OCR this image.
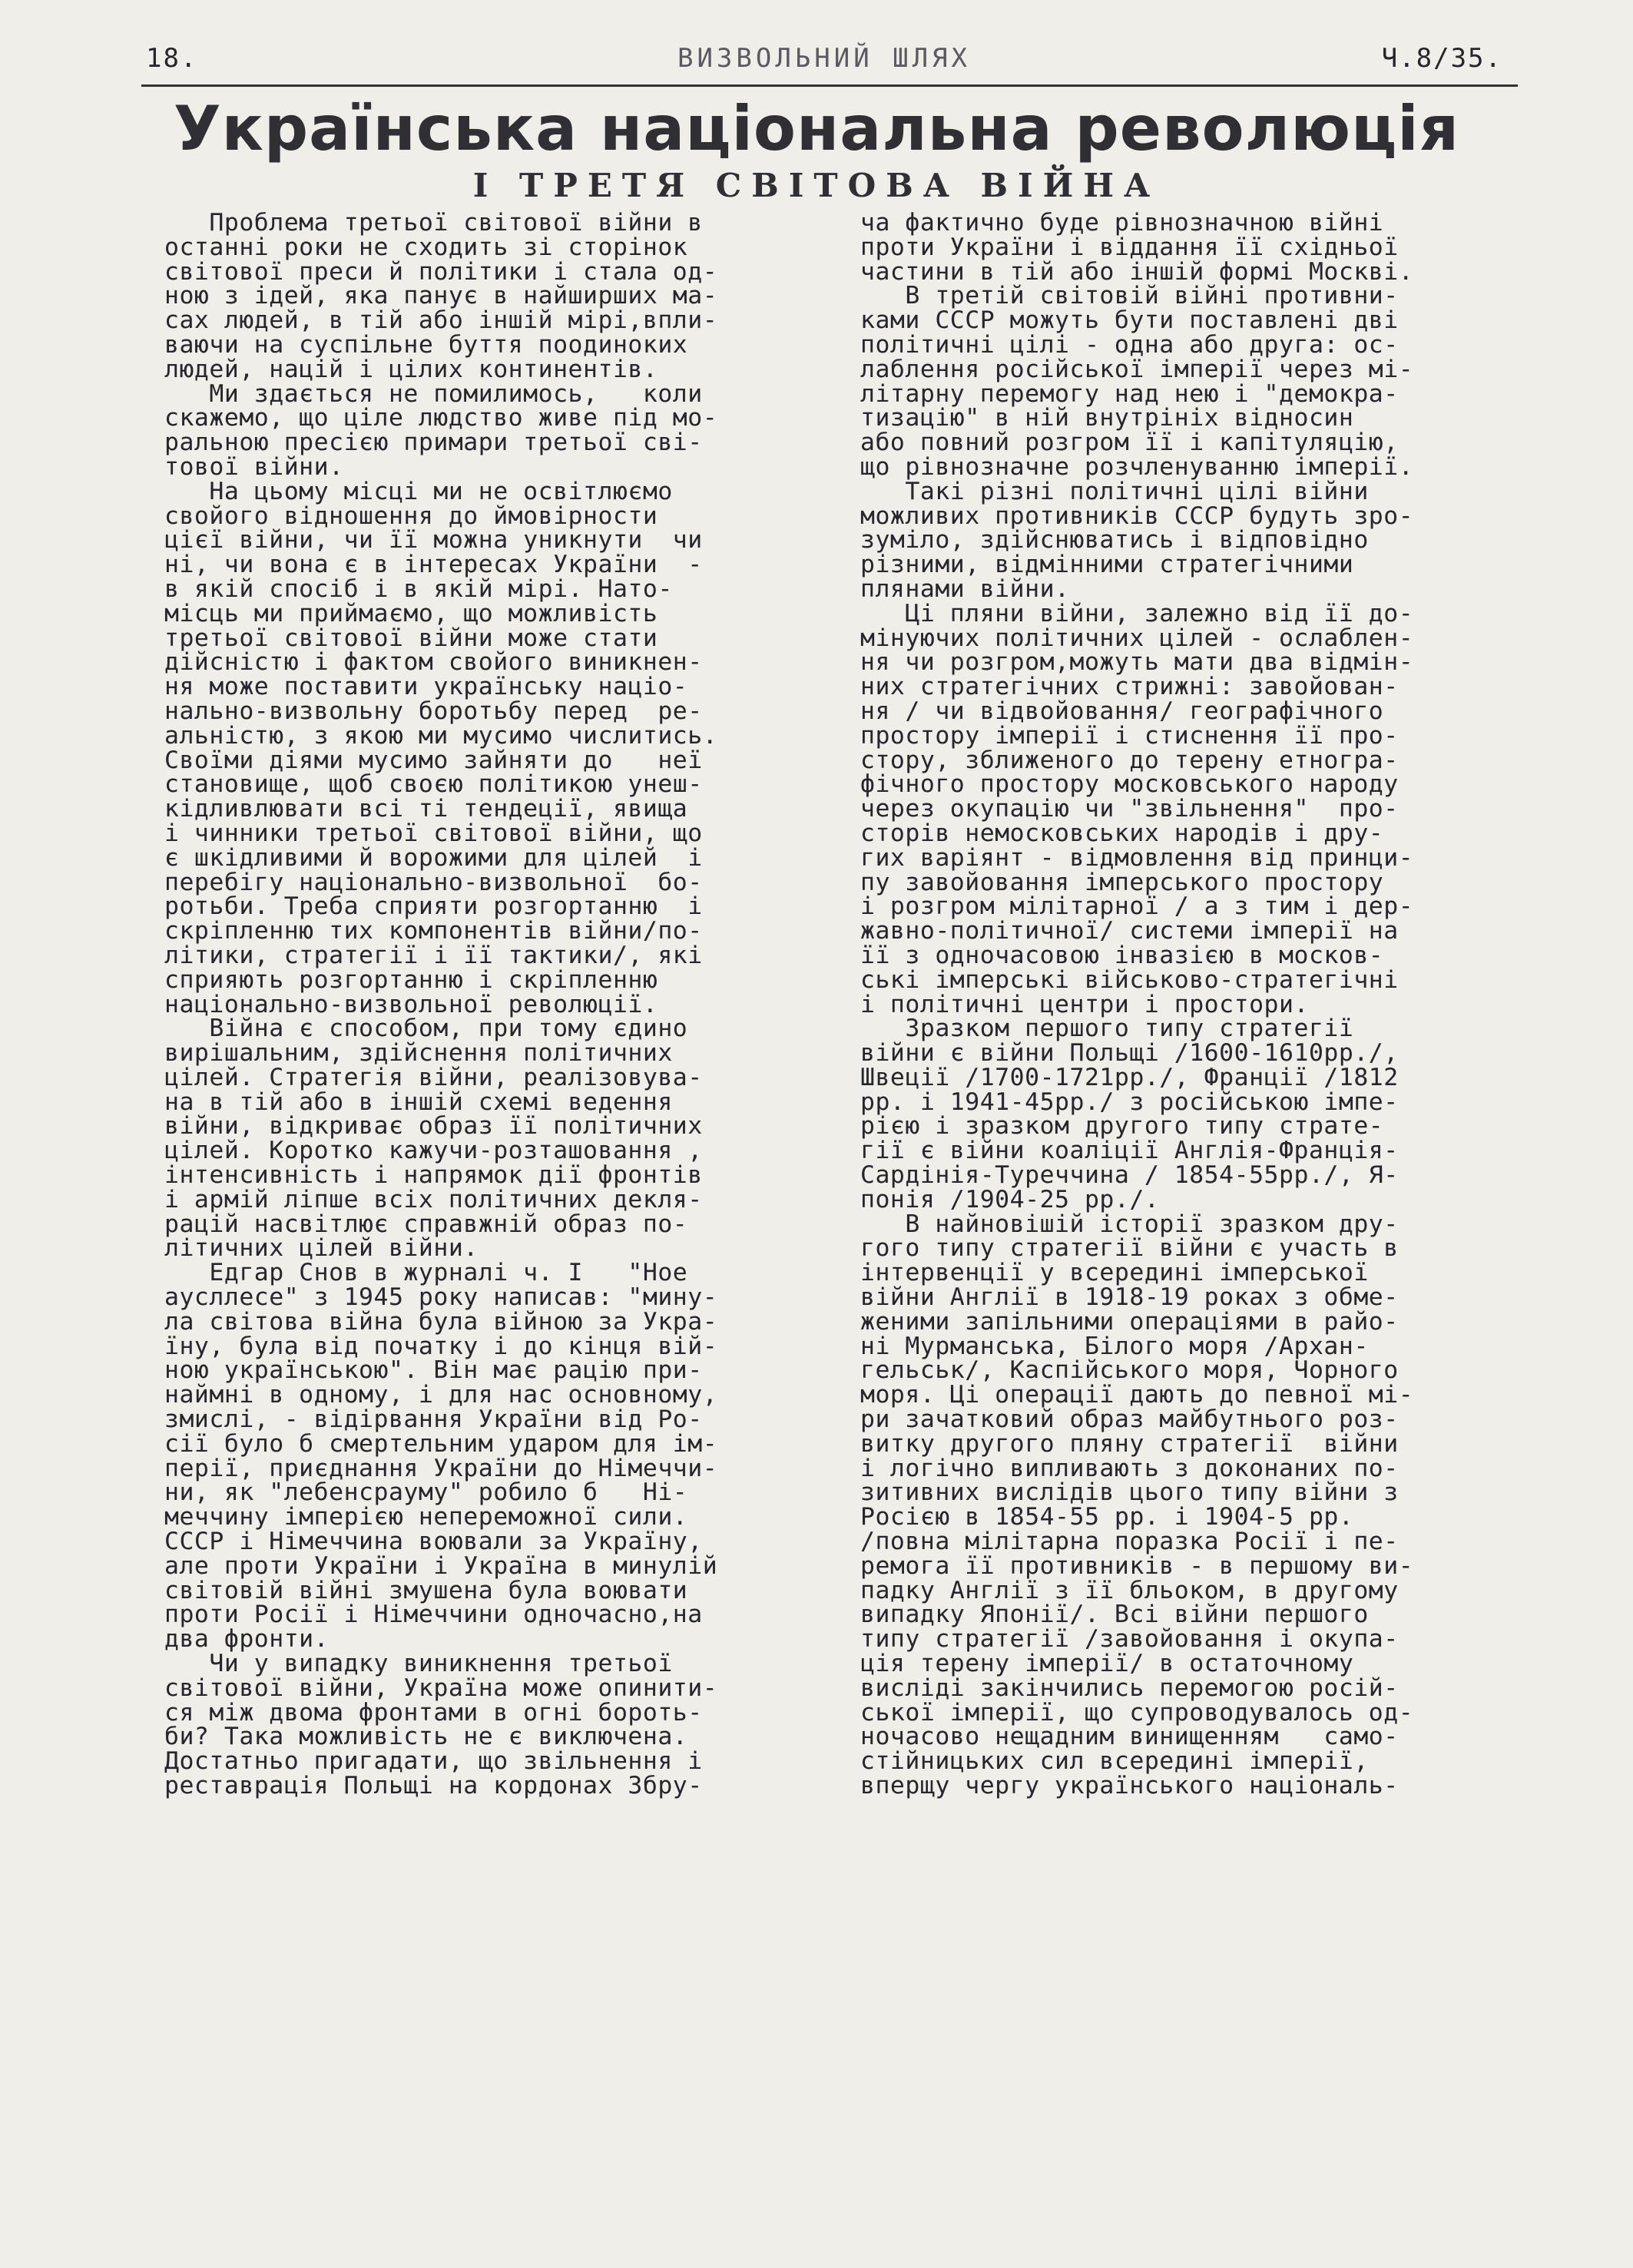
18.	ВИЗВОЛЬНИЙ ШЛЯХ	Ч.8/35.
Українська національна революція
І ТРЕТЯ СВІТОВА ВІЙНА

Проблема третьої світової війни в

останні роки не сходить зі сторінок

світової преси й політики і стала од-

ною з ідей, яка панує в найширших ма-

сах людей, в тій або іншій мірі,впли-

ваючи на суспільне буття поодиноких

людей, націй і цілих континентів.

Ми здається не помилимось,   коли

скажемо, що ціле людство живе під мо-

ральною пресією примари третьої сві-

тової війни.

На цьому місці ми не освітлюємо

свойого відношення до ймовірности

цієї війни, чи її можна уникнути  чи

ні, чи вона є в інтересах України  -

в якій спосіб і в якій мірі. Нато-

місць ми приймаємо, що можливість

третьої світової війни може стати

дійсністю і фактом свойого виникнен-

ня може поставити українську націо-

нально-визвольну боротьбу перед  ре-

альністю, з якою ми мусимо числитись.

Своїми діями мусимо зайняти до   неї

становище, щоб своєю політикою унеш-

кідливлювати всі ті тендеції, явища

і чинники третьої світової війни, що

є шкідливими й ворожими для цілей  і

перебігу національно-визвольної  бо-

ротьби. Треба сприяти розгортанню  і

скріпленню тих компонентів війни/по-

літики, стратегії і її тактики/, які

сприяють розгортанню і скріпленню

національно-визвольної революції.

Війна є способом, при тому єдино

вирішальним, здійснення політичних

цілей. Стратегія війни, реалізовува-

на в тій або в іншій схемі ведення

війни, відкриває образ її політичних

цілей. Коротко кажучи-розташовання ,

інтенсивність і напрямок дії фронтів

і армій ліпше всіх політичних декля-

рацій насвітлює справжній образ по-

літичних цілей війни.

Едгар Снов в журналі ч. І   "Ное

аусллесе" з 1945 року написав: "мину-

ла світова війна була війною за Укра-

їну, була від початку і до кінця вій-

ною українською". Він має рацію при-

наймні в одному, і для нас основному,

змислі, - відірвання України від Ро-

сії було б смертельним ударом для ім-

перії, приєднання України до Німеччи-

ни, як "лебенсрауму" робило б   Ні-

меччину імперією непереможної сили.

СССР і Німеччина воювали за Україну,

але проти України і Україна в минулій

світовій війні змушена була воювати

проти Росії і Німеччини одночасно,на

два фронти.

Чи у випадку виникнення третьої

світової війни, Україна може опинити-

ся між двома фронтами в огні бороть-

би? Така можливість не є виключена.

Достатньо пригадати, що звільнення і

реставрація Польщі на кордонах Збру-

ча фактично буде рівнозначною війні

проти України і віддання її східньої

частини в тій або іншій формі Москві.

В третій світовій війні противни-

ками СССР можуть бути поставлені дві

політичні цілі - одна або друга: ос-

лаблення російської імперії через мі-

літарну перемогу над нею і "демокра-

тизацію" в ній внутрініх відносин

або повний розгром її і капітуляцію,

що рівнозначне розчленуванню імперії.

Такі різні політичні цілі війни

можливих противників СССР будуть зро-

зуміло, здійснюватись і відповідно

різними, відмінними стратегічними

плянами війни.

Ці пляни війни, залежно від її до-

мінуючих політичних цілей - ослаблен-

ня чи розгром,можуть мати два відмін-

них стратегічних стрижні: завойован-

ня / чи відвойовання/ географічного

простору імперії і стиснення її про-

стору, зближеного до терену етногра-

фічного простору московського народу

через окупацію чи "звільнення"  про-

сторів немосковських народів і дру-

гих варіянт - відмовлення від принци-

пу завойовання імперського простору

і розгром мілітарної / а з тим і дер-

жавно-політичної/ системи імперії на

її з одночасовою інвазією в москов-

ські імперські військово-стратегічні

і політичні центри і простори.

Зразком першого типу стратегії

війни є війни Польщі /1600-1610рр./,

Швеції /1700-1721рр./, Франції /1812

рр. і 1941-45рр./ з російською імпе-

рією і зразком другого типу страте-

гії є війни коаліції Англія-Франція-

Сардінія-Туреччина / 1854-55рр./, Я-

понія /1904-25 рр./.

В найновішій історії зразком дру-

гого типу стратегії війни є участь в

інтервенції у всередині імперської

війни Англії в 1918-19 роках з обме-

женими запільними операціями в райо-

ні Мурманська, Білого моря /Архан-

гельськ/, Каспійського моря, Чорного

моря. Ці операції дають до певної мі-

ри зачатковий образ майбутнього роз-

витку другого пляну стратегії  війни

і логічно випливають з доконаних по-

зитивних вислідів цього типу війни з

Росією в 1854-55 рр. і 1904-5 рр.

/повна мілітарна поразка Росії і пе-

ремога її противників - в першому ви-

падку Англії з її бльоком, в другому

випадку Японії/. Всі війни першого

типу стратегії /завойовання і окупа-

ція терену імперії/ в остаточному

висліді закінчились перемогою росій-

ської імперії, що супроводувалось од-

ночасово нещадним винищенням   само-

стійницьких сил всередині імперії,

вперщу чергу українського національ-
